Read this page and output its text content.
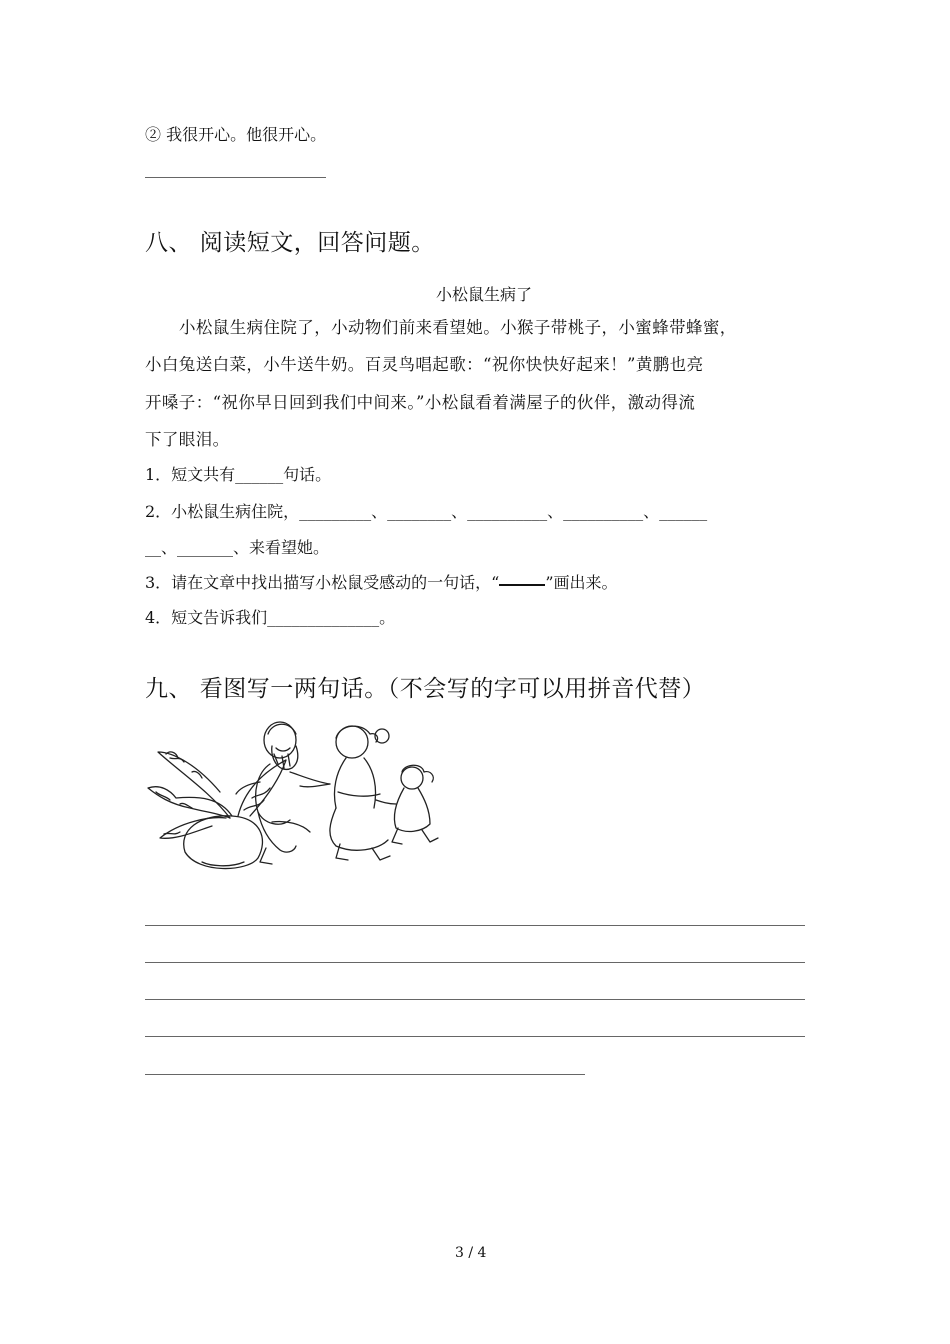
② 我很开心。他很开心。
八、 阅读短文，回答问题。
小松鼠生病了
小松鼠生病住院了，小动物们前来看望她。小猴子带桃子，小蜜蜂带蜂蜜，
小白兔送白菜，小牛送牛奶。百灵鸟唱起歌：“祝你快快好起来！”黄鹏也亮
开嗓子：“祝你早日回到我们中间来。”小松鼠看着满屋子的伙伴，激动得流
下了眼泪。
1．短文共有______句话。
2．小松鼠生病住院，_________、________、__________、__________、______
__、_______、来看望她。
3．请在文章中找出描写小松鼠受感动的一句话，“	”画出来。
4．短文告诉我们______________。
九、 看图写一两句话。（不会写的字可以用拼音代替）
3 / 4
